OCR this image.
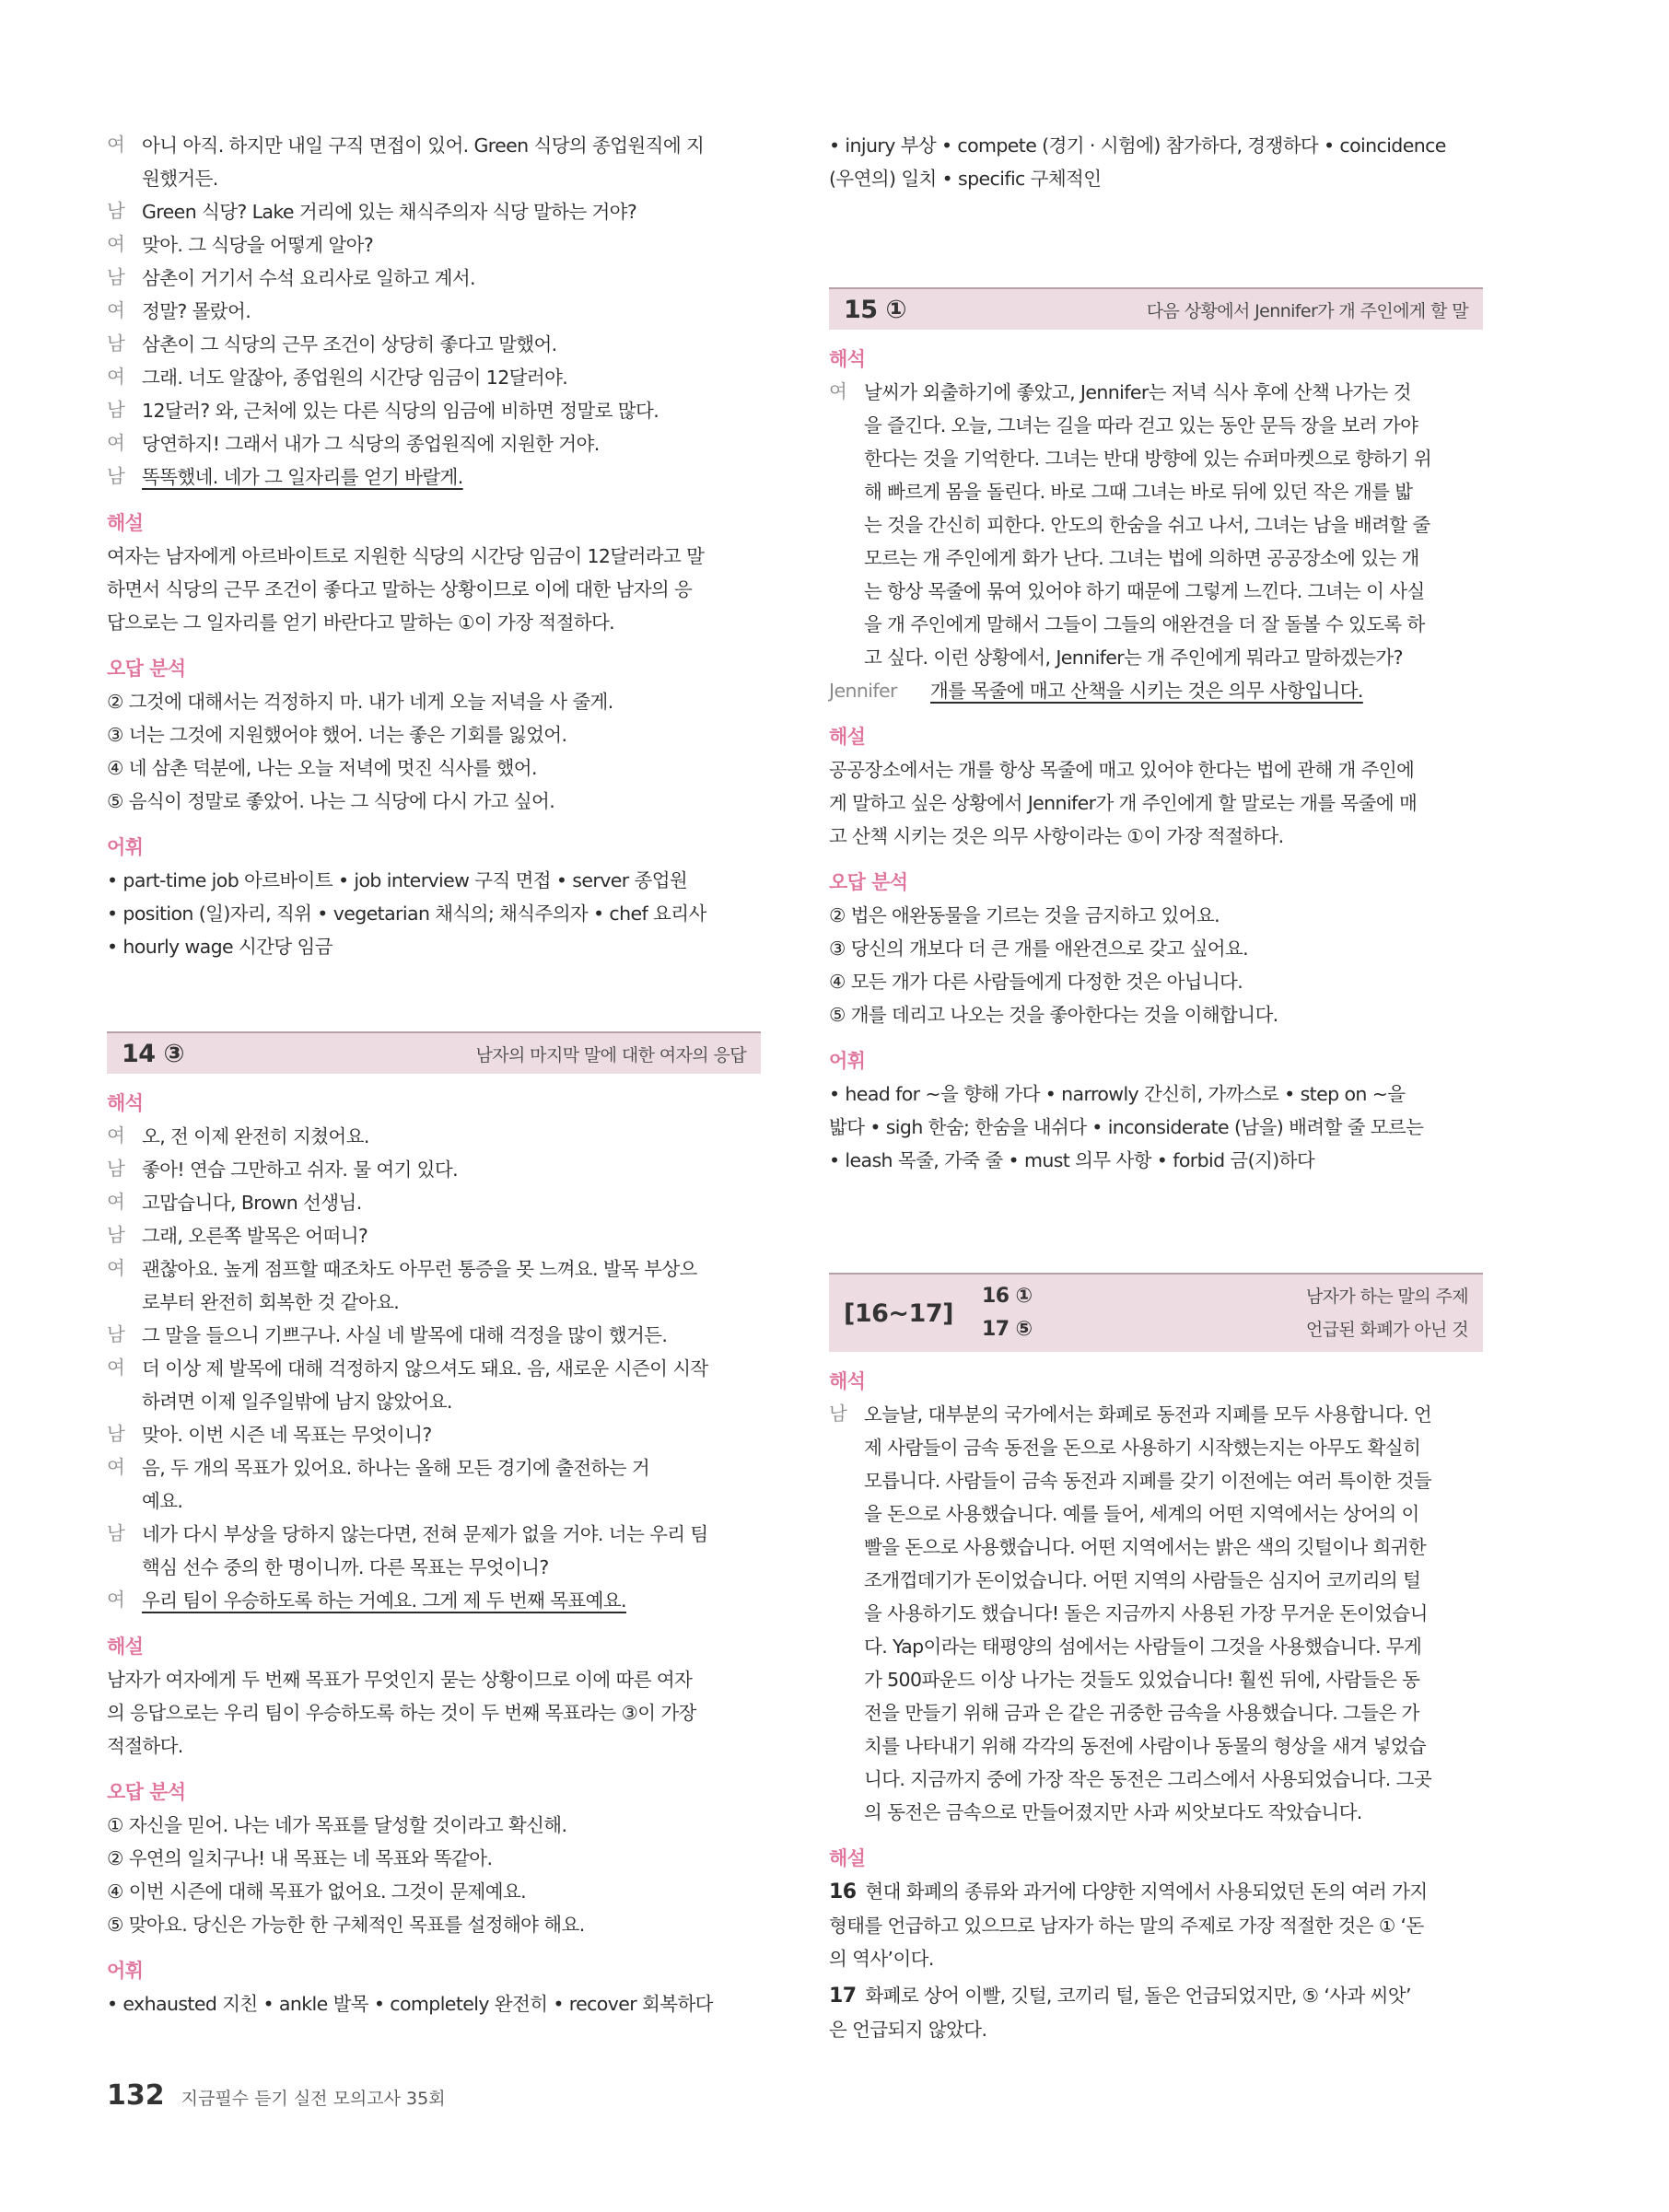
여 아니 아직. 하지만 내일 구직 면접이 있어. Green 식당의 종업원직에 지
원했거든.
남 Green 식당? Lake 거리에 있는 채식주의자 식당 말하는 거야?
여 맞아. 그 식당을 어떻게 알아?
남 삼촌이 거기서 수석 요리사로 일하고 계서.
여 정말? 몰랐어.
남 삼촌이 그 식당의 근무 조건이 상당히 좋다고 말했어.
여 그래. 너도 알잖아, 종업원의 시간당 임금이 12달러야.
남 12달러? 와, 근처에 있는 다른 식당의 임금에 비하면 정말로 많다.
여 당연하지! 그래서 내가 그 식당의 종업원직에 지원한 거야.
남 똑똑했네. 네가 그 일자리를 얻기 바랄게.
해설
여자는 남자에게 아르바이트로 지원한 식당의 시간당 임금이 12달러라고 말
하면서 식당의 근무 조건이 좋다고 말하는 상황이므로 이에 대한 남자의 응
답으로는 그 일자리를 얻기 바란다고 말하는 ①이 가장 적절하다.
오답 분석
② 그것에 대해서는 걱정하지 마. 내가 네게 오늘 저녁을 사 줄게.
③ 너는 그것에 지원했어야 했어. 너는 좋은 기회를 잃었어.
④ 네 삼촌 덕분에, 나는 오늘 저녁에 멋진 식사를 했어.
⑤ 음식이 정말로 좋았어. 나는 그 식당에 다시 가고 싶어.
어휘
• part-time job 아르바이트 • job interview 구직 면접 • server 종업원
• position (일)자리, 직위 • vegetarian 채식의; 채식주의자 • chef 요리사
• hourly wage 시간당 임금
14 ③	남자의 마지막 말에 대한 여자의 응답
해석
여 오, 전 이제 완전히 지쳤어요.
남 좋아! 연습 그만하고 쉬자. 물 여기 있다.
여 고맙습니다, Brown 선생님.
남 그래, 오른쪽 발목은 어떠니?
여 괜찮아요. 높게 점프할 때조차도 아무런 통증을 못 느껴요. 발목 부상으
로부터 완전히 회복한 것 같아요.
남 그 말을 들으니 기쁘구나. 사실 네 발목에 대해 걱정을 많이 했거든.
여 더 이상 제 발목에 대해 걱정하지 않으셔도 돼요. 음, 새로운 시즌이 시작
하려면 이제 일주일밖에 남지 않았어요.
남 맞아. 이번 시즌 네 목표는 무엇이니?
여 음, 두 개의 목표가 있어요. 하나는 올해 모든 경기에 출전하는 거
예요.
남 네가 다시 부상을 당하지 않는다면, 전혀 문제가 없을 거야. 너는 우리 팀
핵심 선수 중의 한 명이니까. 다른 목표는 무엇이니?
여 우리 팀이 우승하도록 하는 거예요. 그게 제 두 번째 목표예요.
해설
남자가 여자에게 두 번째 목표가 무엇인지 묻는 상황이므로 이에 따른 여자
의 응답으로는 우리 팀이 우승하도록 하는 것이 두 번째 목표라는 ③이 가장
적절하다.
오답 분석
① 자신을 믿어. 나는 네가 목표를 달성할 것이라고 확신해.
② 우연의 일치구나! 내 목표는 네 목표와 똑같아.
④ 이번 시즌에 대해 목표가 없어요. 그것이 문제예요.
⑤ 맞아요. 당신은 가능한 한 구체적인 목표를 설정해야 해요.
어휘
• exhausted 지친 • ankle 발목 • completely 완전히 • recover 회복하다
• injury 부상 • compete (경기 · 시험에) 참가하다, 경쟁하다 • coincidence
(우연의) 일치 • specific 구체적인
15 ①	다음 상황에서 Jennifer가 개 주인에게 할 말
해석
여 날씨가 외출하기에 좋았고, Jennifer는 저녁 식사 후에 산책 나가는 것
을 즐긴다. 오늘, 그녀는 길을 따라 걷고 있는 동안 문득 장을 보러 가야
한다는 것을 기억한다. 그녀는 반대 방향에 있는 슈퍼마켓으로 향하기 위
해 빠르게 몸을 돌린다. 바로 그때 그녀는 바로 뒤에 있던 작은 개를 밟
는 것을 간신히 피한다. 안도의 한숨을 쉬고 나서, 그녀는 남을 배려할 줄
모르는 개 주인에게 화가 난다. 그녀는 법에 의하면 공공장소에 있는 개
는 항상 목줄에 묶여 있어야 하기 때문에 그렇게 느낀다. 그녀는 이 사실
을 개 주인에게 말해서 그들이 그들의 애완견을 더 잘 돌볼 수 있도록 하
고 싶다. 이런 상황에서, Jennifer는 개 주인에게 뭐라고 말하겠는가?
Jennifer	개를 목줄에 매고 산책을 시키는 것은 의무 사항입니다.
해설
공공장소에서는 개를 항상 목줄에 매고 있어야 한다는 법에 관해 개 주인에
게 말하고 싶은 상황에서 Jennifer가 개 주인에게 할 말로는 개를 목줄에 매
고 산책 시키는 것은 의무 사항이라는 ①이 가장 적절하다.
오답 분석
② 법은 애완동물을 기르는 것을 금지하고 있어요.
③ 당신의 개보다 더 큰 개를 애완견으로 갖고 싶어요.
④ 모든 개가 다른 사람들에게 다정한 것은 아닙니다.
⑤ 개를 데리고 나오는 것을 좋아한다는 것을 이해합니다.
어휘
• head for ~을 향해 가다 • narrowly 간신히, 가까스로 • step on ~을
밟다 • sigh 한숨; 한숨을 내쉬다 • inconsiderate (남을) 배려할 줄 모르는
• leash 목줄, 가죽 줄 • must 의무 사항 • forbid 금(지)하다
[16~17]
16 ①	남자가 하는 말의 주제
17 ⑤	언급된 화폐가 아닌 것
해석
남 오늘날, 대부분의 국가에서는 화폐로 동전과 지폐를 모두 사용합니다. 언
제 사람들이 금속 동전을 돈으로 사용하기 시작했는지는 아무도 확실히
모릅니다. 사람들이 금속 동전과 지폐를 갖기 이전에는 여러 특이한 것들
을 돈으로 사용했습니다. 예를 들어, 세계의 어떤 지역에서는 상어의 이
빨을 돈으로 사용했습니다. 어떤 지역에서는 밝은 색의 깃털이나 희귀한
조개껍데기가 돈이었습니다. 어떤 지역의 사람들은 심지어 코끼리의 털
을 사용하기도 했습니다! 돌은 지금까지 사용된 가장 무거운 돈이었습니
다. Yap이라는 태평양의 섬에서는 사람들이 그것을 사용했습니다. 무게
가 500파운드 이상 나가는 것들도 있었습니다! 훨씬 뒤에, 사람들은 동
전을 만들기 위해 금과 은 같은 귀중한 금속을 사용했습니다. 그들은 가
치를 나타내기 위해 각각의 동전에 사람이나 동물의 형상을 새겨 넣었습
니다. 지금까지 중에 가장 작은 동전은 그리스에서 사용되었습니다. 그곳
의 동전은 금속으로 만들어졌지만 사과 씨앗보다도 작았습니다.
해설
16 현대 화폐의 종류와 과거에 다양한 지역에서 사용되었던 돈의 여러 가지
형태를 언급하고 있으므로 남자가 하는 말의 주제로 가장 적절한 것은 ① ‘돈
의 역사’이다.
17 화폐로 상어 이빨, 깃털, 코끼리 털, 돌은 언급되었지만, ⑤ ‘사과 씨앗’
은 언급되지 않았다.
132 지금필수 듣기 실전 모의고사 35회
